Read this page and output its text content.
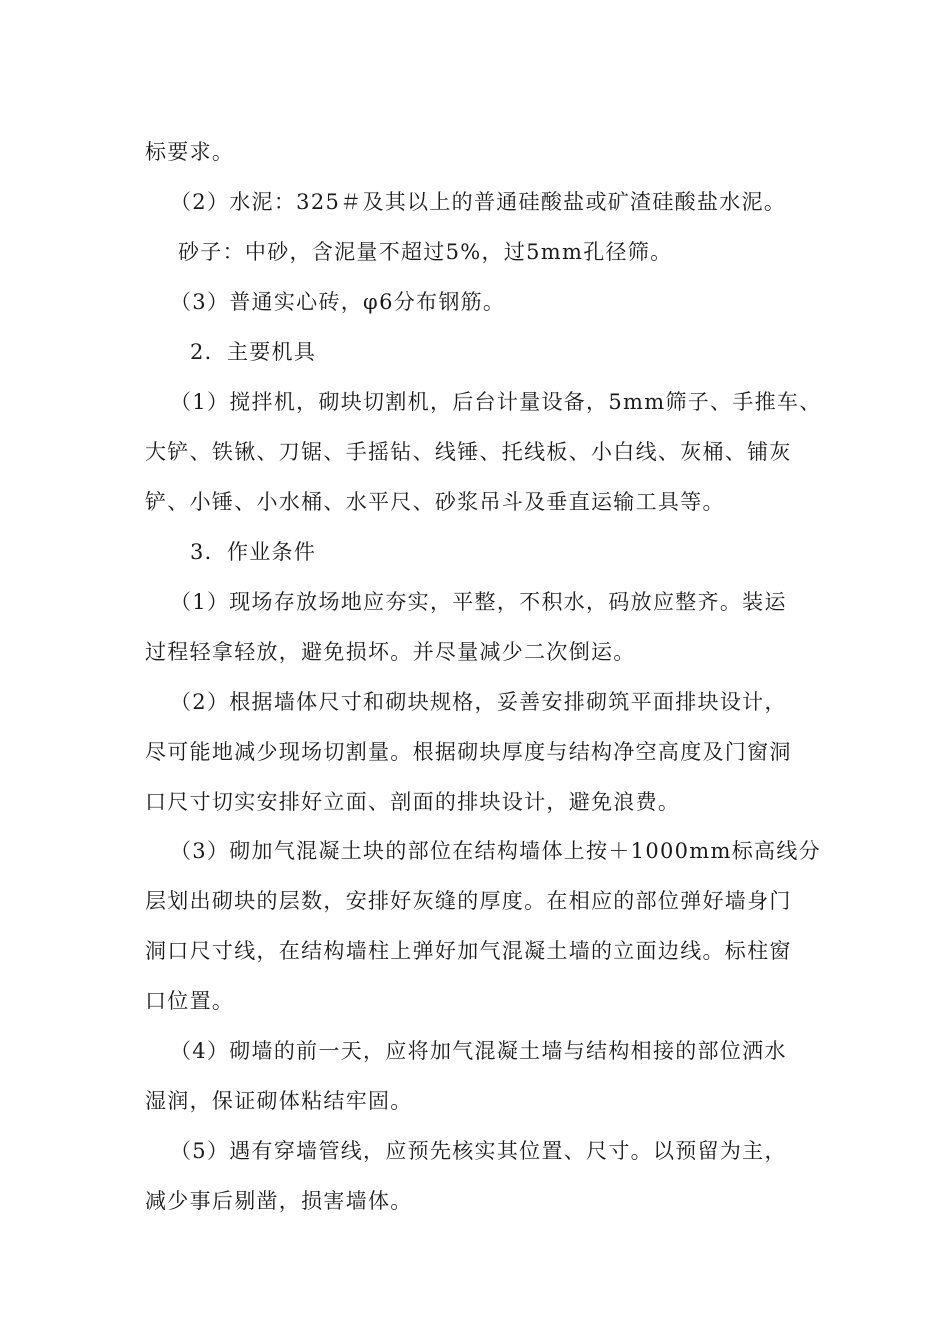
标要求。
（2）水泥：325＃及其以上的普通硅酸盐或矿渣硅酸盐水泥。
砂子：中砂，含泥量不超过5%，过5mm孔径筛。
（3）普通实心砖，φ6分布钢筋。
2．主要机具
（1）搅拌机，砌块切割机，后台计量设备，5mm筛子、手推车、
大铲、铁锹、刀锯、手摇钻、线锤、托线板、小白线、灰桶、铺灰
铲、小锤、小水桶、水平尺、砂浆吊斗及垂直运输工具等。
3．作业条件
（1）现场存放场地应夯实，平整，不积水，码放应整齐。装运
过程轻拿轻放，避免损坏。并尽量减少二次倒运。
（2）根据墙体尺寸和砌块规格，妥善安排砌筑平面排块设计，
尽可能地减少现场切割量。根据砌块厚度与结构净空高度及门窗洞
口尺寸切实安排好立面、剖面的排块设计，避免浪费。
（3）砌加气混凝土块的部位在结构墙体上按＋1000mm标高线分
层划出砌块的层数，安排好灰缝的厚度。在相应的部位弹好墙身门
洞口尺寸线，在结构墙柱上弹好加气混凝土墙的立面边线。标柱窗
口位置。
（4）砌墙的前一天，应将加气混凝土墙与结构相接的部位洒水
湿润，保证砌体粘结牢固。
（5）遇有穿墙管线，应预先核实其位置、尺寸。以预留为主，
减少事后剔凿，损害墙体。
